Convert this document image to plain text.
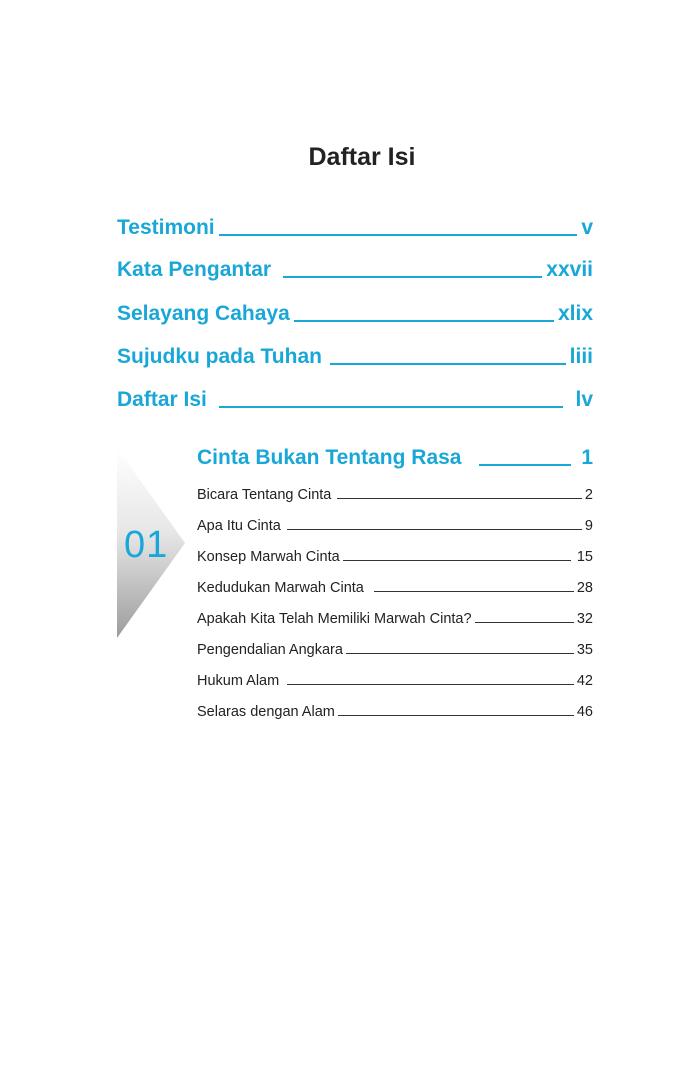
Daftar Isi
Testimoni	v
Kata Pengantar	xxvii
Selayang Cahaya	xlix
Sujudku pada Tuhan	liii
Daftar Isi	lv
01
Cinta Bukan Tentang Rasa	1
Bicara Tentang Cinta	2
Apa Itu Cinta	9
Konsep Marwah Cinta	15
Kedudukan Marwah Cinta	28
Apakah Kita Telah Memiliki Marwah Cinta?	32
Pengendalian Angkara	35
Hukum Alam	42
Selaras dengan Alam	46
